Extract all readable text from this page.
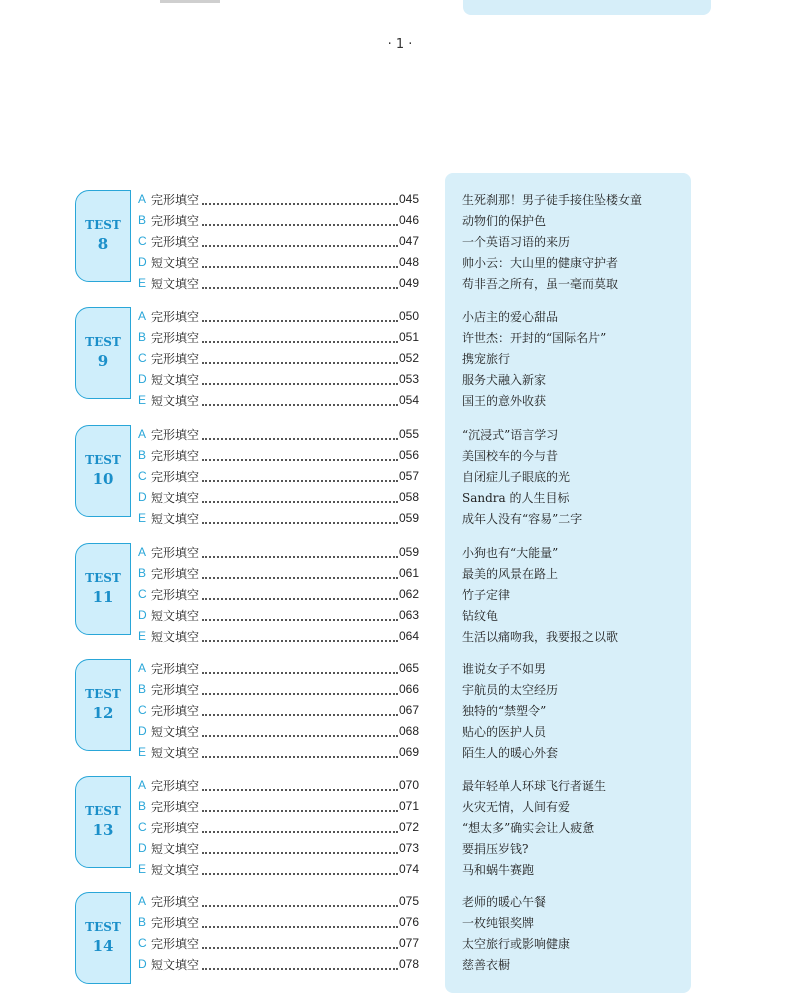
· 1 ·
TEST
8
A 完形填空	045	生死刹那！男子徒手接住坠楼女童
B 完形填空	046	动物们的保护色
C 完形填空	047	一个英语习语的来历
D 短文填空	048	帅小云：大山里的健康守护者
E 短文填空	049	苟非吾之所有，虽一毫而莫取
TEST
9
A 完形填空	050	小店主的爱心甜品
B 完形填空	051	许世杰：开封的“国际名片”
C 完形填空	052	携宠旅行
D 短文填空	053	服务犬融入新家
E 短文填空	054	国王的意外收获
TEST
10
A 完形填空	055	“沉浸式”语言学习
B 完形填空	056	美国校车的今与昔
C 完形填空	057	自闭症儿子眼底的光
D 短文填空	058	Sandra 的人生目标
E 短文填空	059	成年人没有“容易”二字
TEST
11
A 完形填空	059	小狗也有“大能量”
B 完形填空	061	最美的风景在路上
C 完形填空	062	竹子定律
D 短文填空	063	钻纹龟
E 短文填空	064	生活以痛吻我，我要报之以歌
TEST
12
A 完形填空	065	谁说女子不如男
B 完形填空	066	宇航员的太空经历
C 完形填空	067	独特的“禁塑令”
D 短文填空	068	贴心的医护人员
E 短文填空	069	陌生人的暖心外套
TEST
13
A 完形填空	070	最年轻单人环球飞行者诞生
B 完形填空	071	火灾无情，人间有爱
C 完形填空	072	“想太多”确实会让人疲惫
D 短文填空	073	要捐压岁钱?
E 短文填空	074	马和蜗牛赛跑
TEST
14
A 完形填空	075	老师的暖心午餐
B 完形填空	076	一枚纯银奖牌
C 完形填空	077	太空旅行或影响健康
D 短文填空	078	慈善衣橱
